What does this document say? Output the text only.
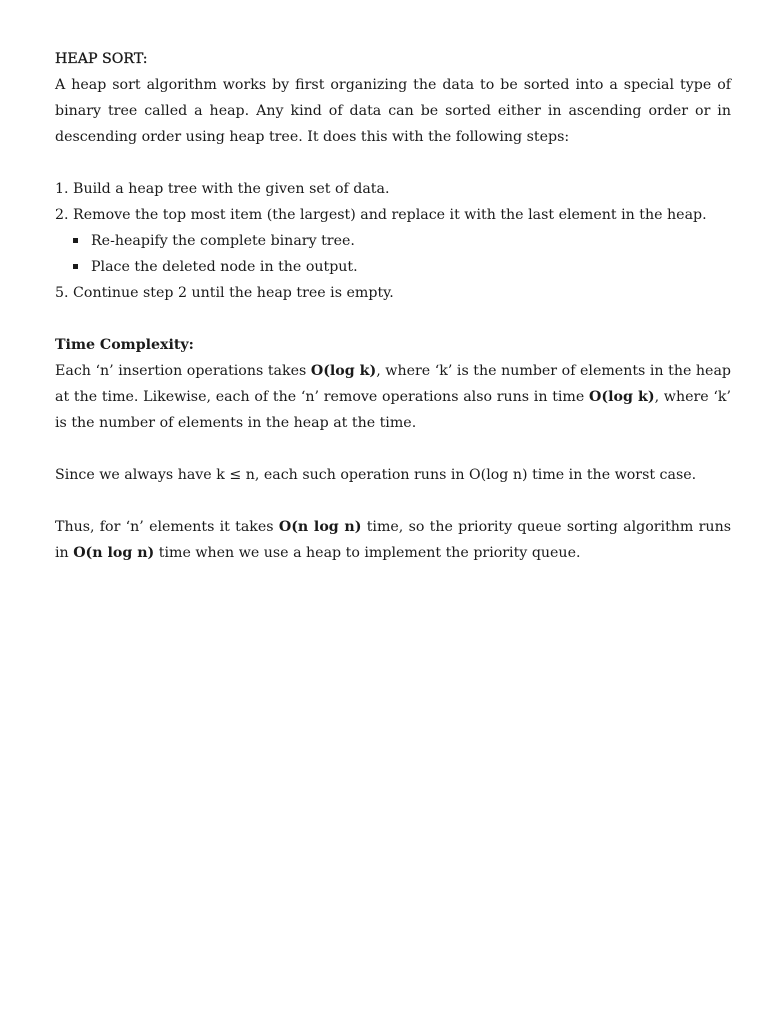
HEAP SORT:

A heap sort algorithm works by first organizing the data to be sorted into a special type of binary tree called a heap. Any kind of data can be sorted either in ascending order or in descending order using heap tree. It does this with the following steps:

1. Build a heap tree with the given set of data.

2. Remove the top most item (the largest) and replace it with the last element in the heap.

Re-heapify the complete binary tree.
Place the deleted node in the output.

5. Continue step 2 until the heap tree is empty.

Time Complexity:

Each ‘n’ insertion operations takes O(log k), where ‘k’ is the number of elements in the heap at the time. Likewise, each of the ‘n’ remove operations also runs in time O(log k), where ‘k’ is the number of elements in the heap at the time.

Since we always have k ≤ n, each such operation runs in O(log n) time in the worst case.

Thus, for ‘n’ elements it takes O(n log n) time, so the priority queue sorting algorithm runs in O(n log n) time when we use a heap to implement the priority queue.
